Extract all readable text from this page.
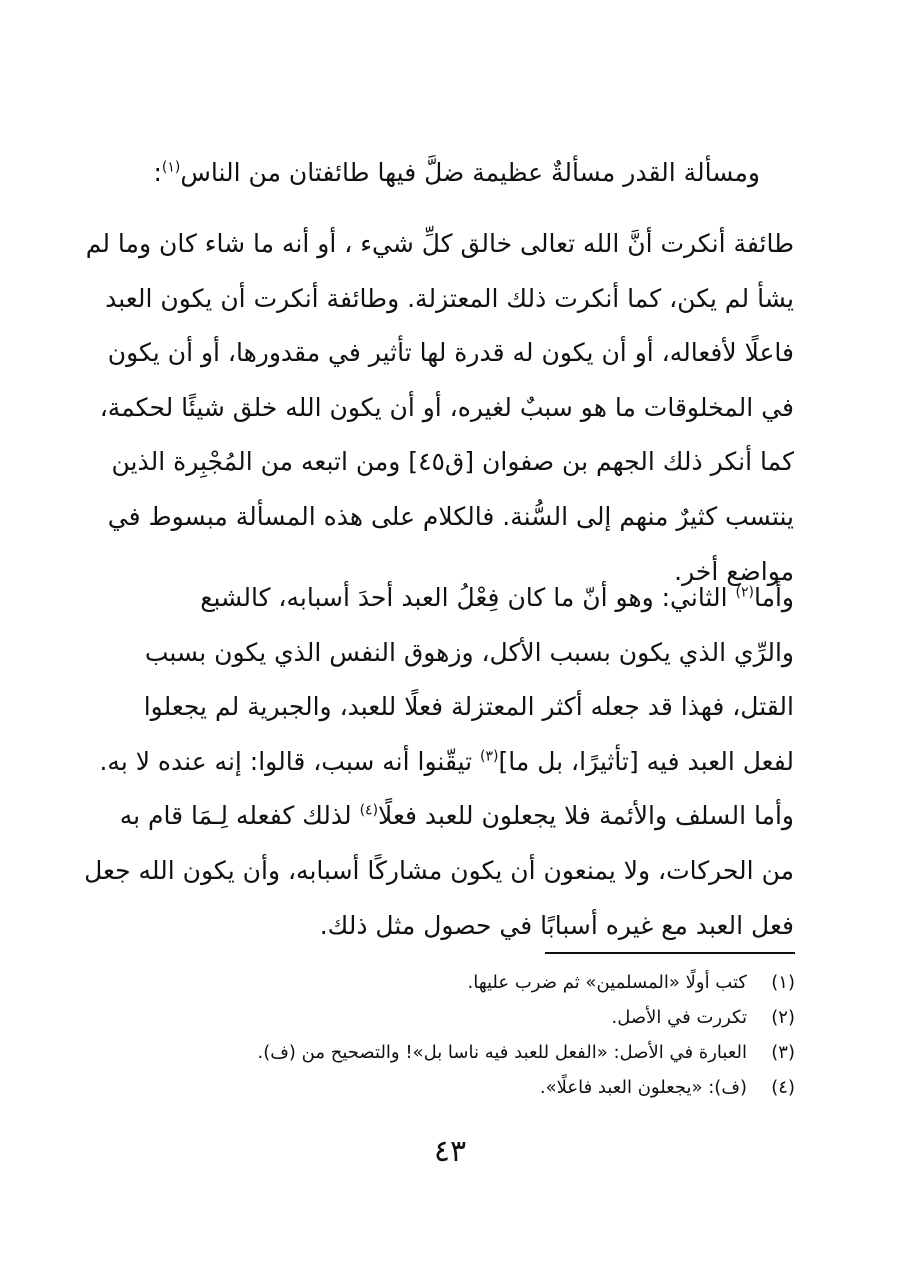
ومسألة القدر مسألةٌ عظيمة ضلَّ فيها طائفتان من الناس$^{(١)}$:
طائفة أنكرت أنَّ الله تعالى خالق كلِّ شيء ، أو أنه ما شاء كان وما لم
يشأ لم يكن، كما أنكرت ذلك المعتزلة. وطائفة أنكرت أن يكون العبد
فاعلًا لأفعاله، أو أن يكون له قدرة لها تأثير في مقدورها، أو أن يكون
في المخلوقات ما هو سببٌ لغيره، أو أن يكون الله خلق شيئًا لحكمة،
كما أنكر ذلك الجهم بن صفوان [ق٤٥] ومن اتبعه من المُجْبِرة الذين
ينتسب كثيرٌ منهم إلى السُّنة. فالكلام على هذه المسألة مبسوط في
مواضع أخر.
وأما$^{(٢)}$ الثاني: وهو أنّ ما كان فِعْلُ العبد أحدَ أسبابه، كالشبع
والرِّي الذي يكون بسبب الأكل، وزهوق النفس الذي يكون بسبب
القتل، فهذا قد جعله أكثر المعتزلة فعلًا للعبد، والجبرية لم يجعلوا
لفعل العبد فيه [تأثيرًا، بل ما]$^{(٣)}$ تيقّنوا أنه سبب، قالوا: إنه عنده لا به.
وأما السلف والأئمة فلا يجعلون للعبد فعلًا$^{(٤)}$ لذلك كفعله لِـمَا قام به
من الحركات، ولا يمنعون أن يكون مشاركًا أسبابه، وأن يكون الله جعل
فعل العبد مع غيره أسبابًا في حصول مثل ذلك.
(١)كتب أولًا «المسلمين» ثم ضرب عليها.
(٢)تكررت في الأصل.
(٣)العبارة في الأصل: «الفعل للعبد فيه ناسا بل»! والتصحيح من (ف).
(٤)(ف): «يجعلون العبد فاعلًا».
٤٣
